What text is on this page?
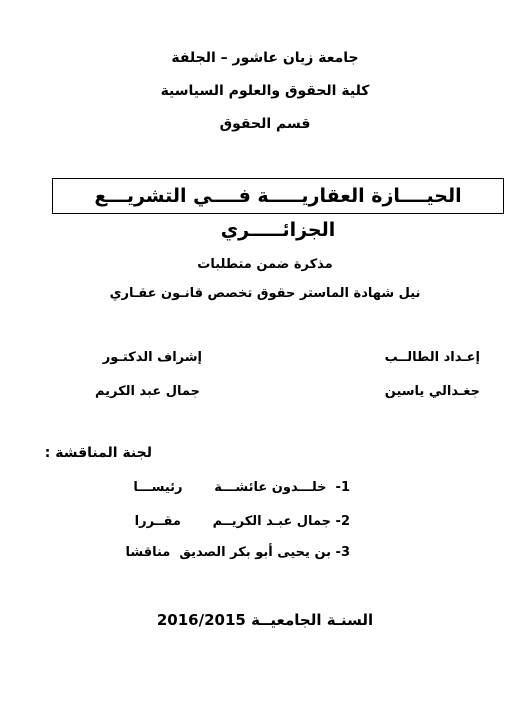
جامعة زيان عاشور – الجلفة
كلية الحقوق والعلوم السياسية
قسم الحقوق
الحيــــازة العقاريـــــة فــــي التشريـــع الجزائـــــري
مذكرة ضمن متطلبات
نيل شهادة الماستر حقوق تخصص قانـون عقـاري
إعـداد الطالــب
جغـدالي ياسين
إشراف الدكتـور
جمال عبد الكريم
لجنة المناقشة :
1-  خلـــدون عائشـــة       رئيســـا
2- جمال عبـد الكريــم       مقــررا
3- بن يحيى أبو بكر الصديق  مناقشا
السنـة الجامعيــة 2016/2015
